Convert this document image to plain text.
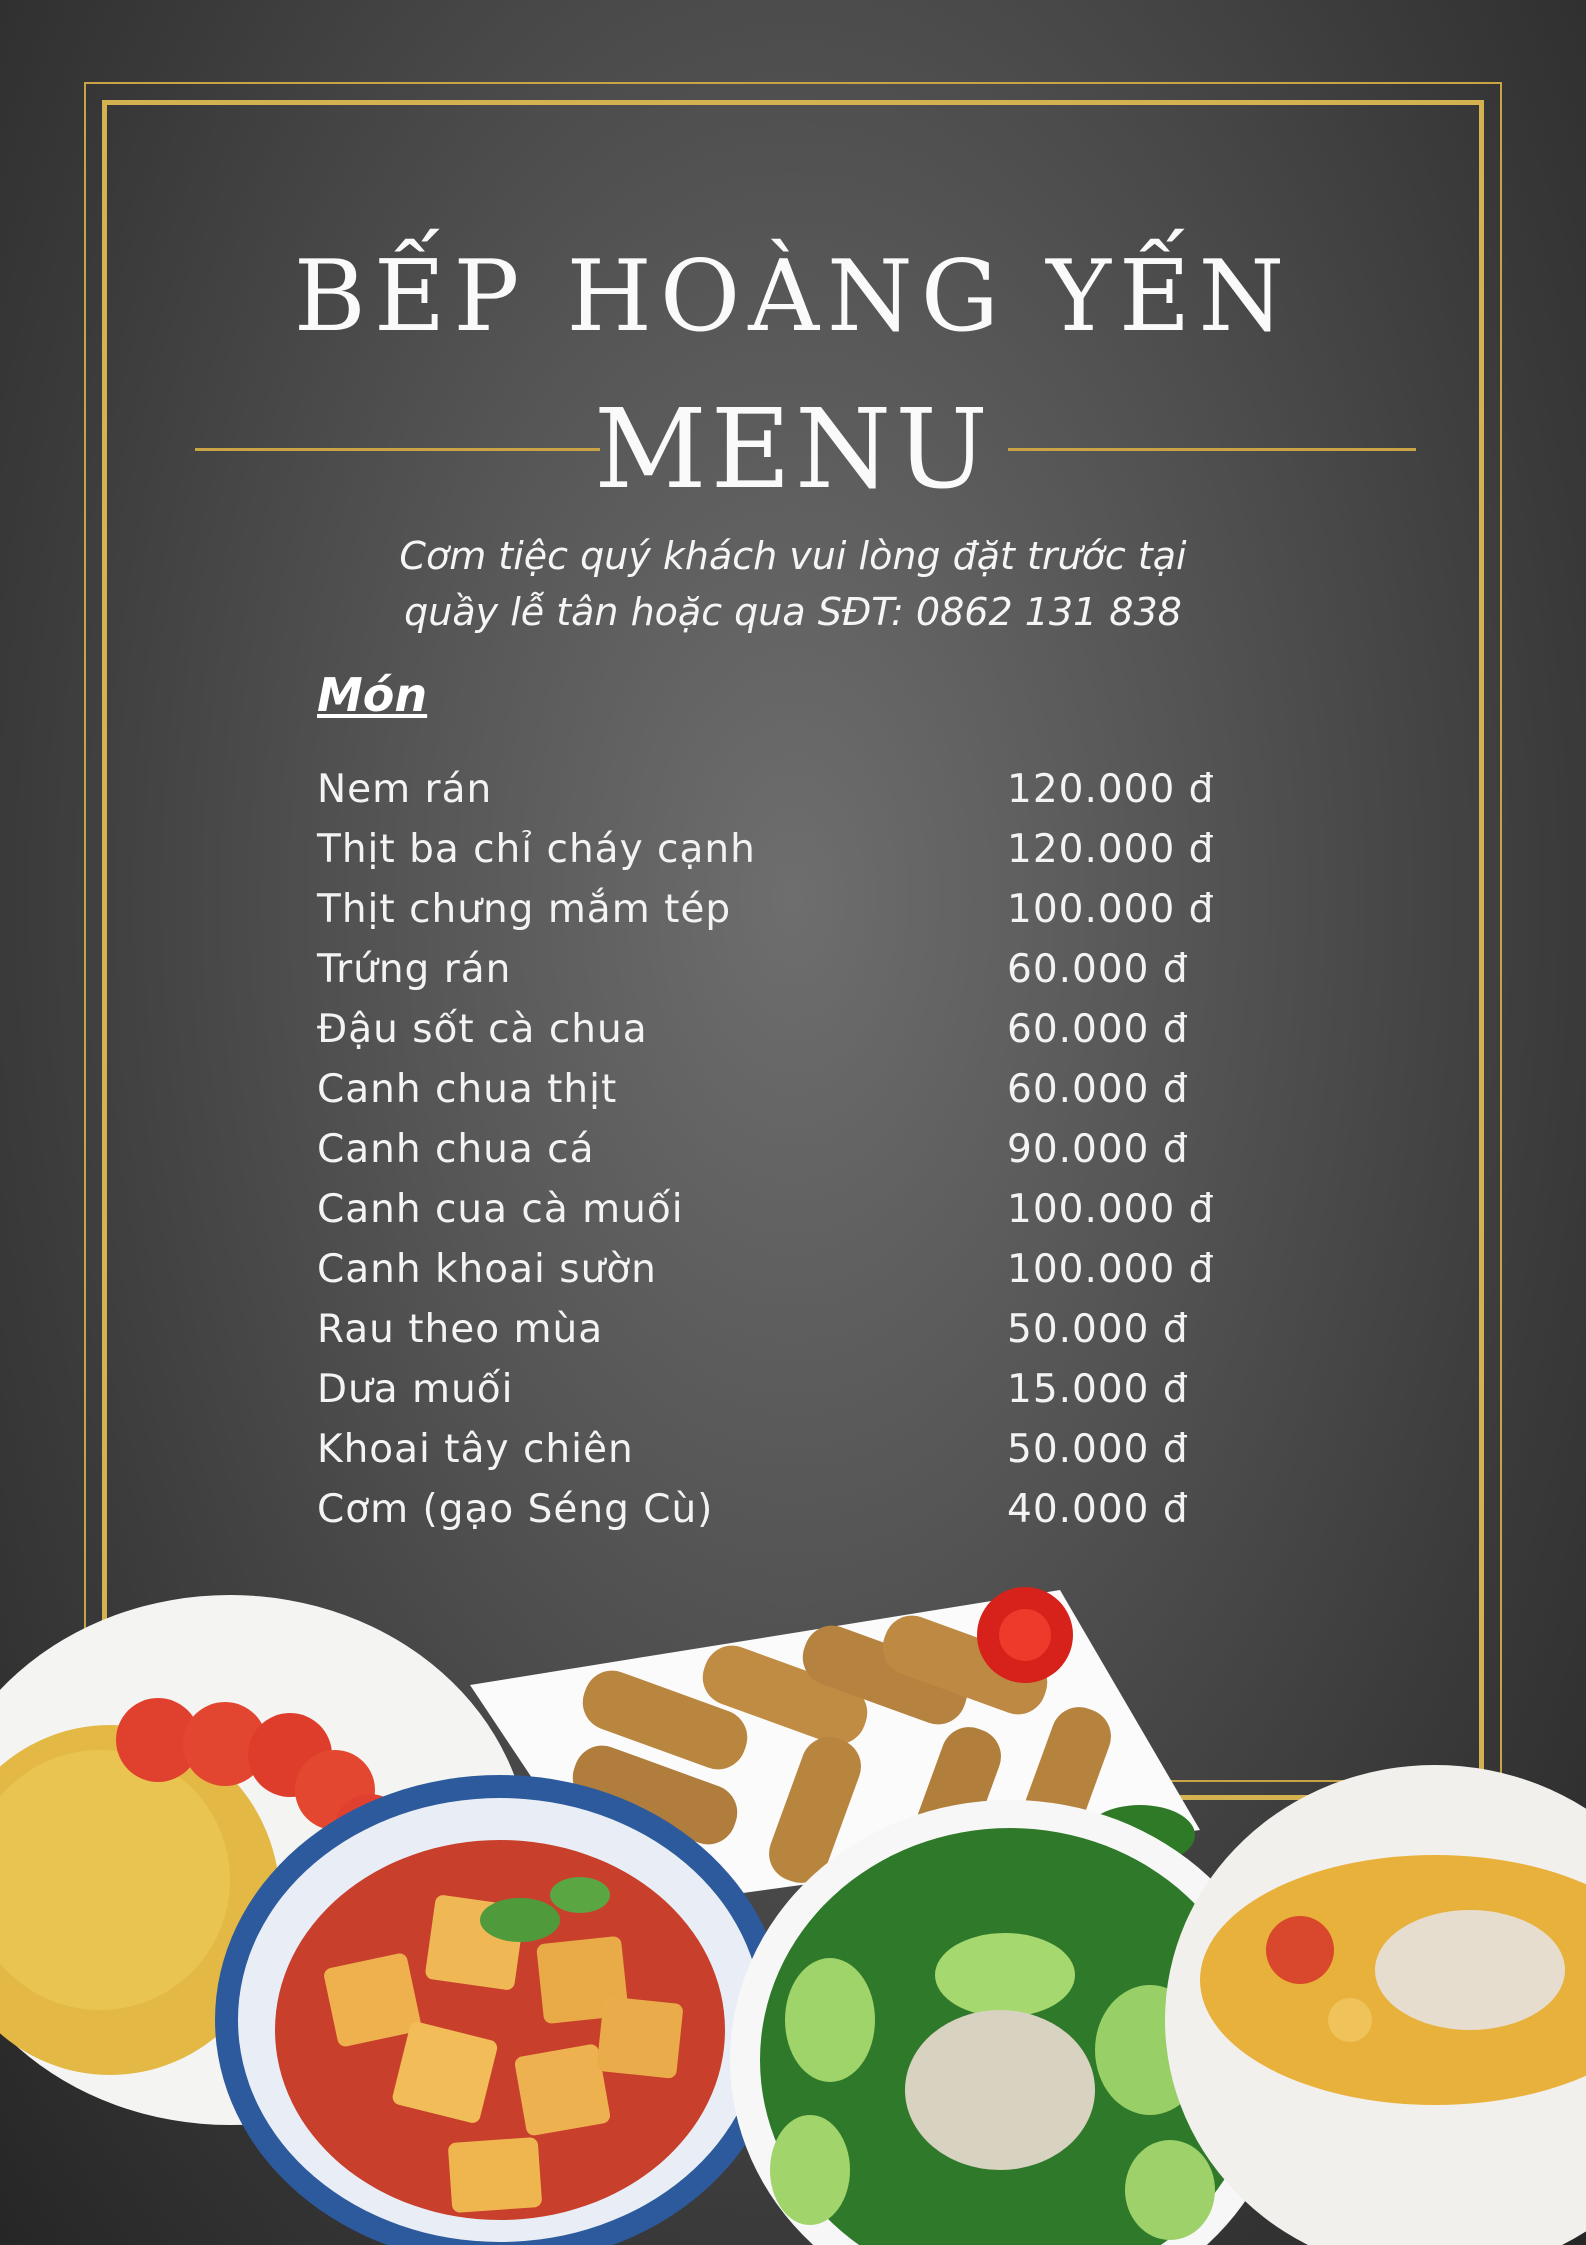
BẾP HOÀNG YẾN
MENU
Cơm tiệc quý khách vui lòng đặt trước tại
quầy lễ tân hoặc qua SĐT: 0862 131 838
Món
Nem rán	120.000 đ
Thịt ba chỉ cháy cạnh	120.000 đ
Thịt chưng mắm tép	100.000 đ
Trứng rán	60.000 đ
Đậu sốt cà chua	60.000 đ
Canh chua thịt	60.000 đ
Canh chua cá	90.000 đ
Canh cua cà muối	100.000 đ
Canh khoai sườn	100.000 đ
Rau theo mùa	50.000 đ
Dưa muối	15.000 đ
Khoai tây chiên	50.000 đ
Cơm (gạo Séng Cù)	40.000 đ
